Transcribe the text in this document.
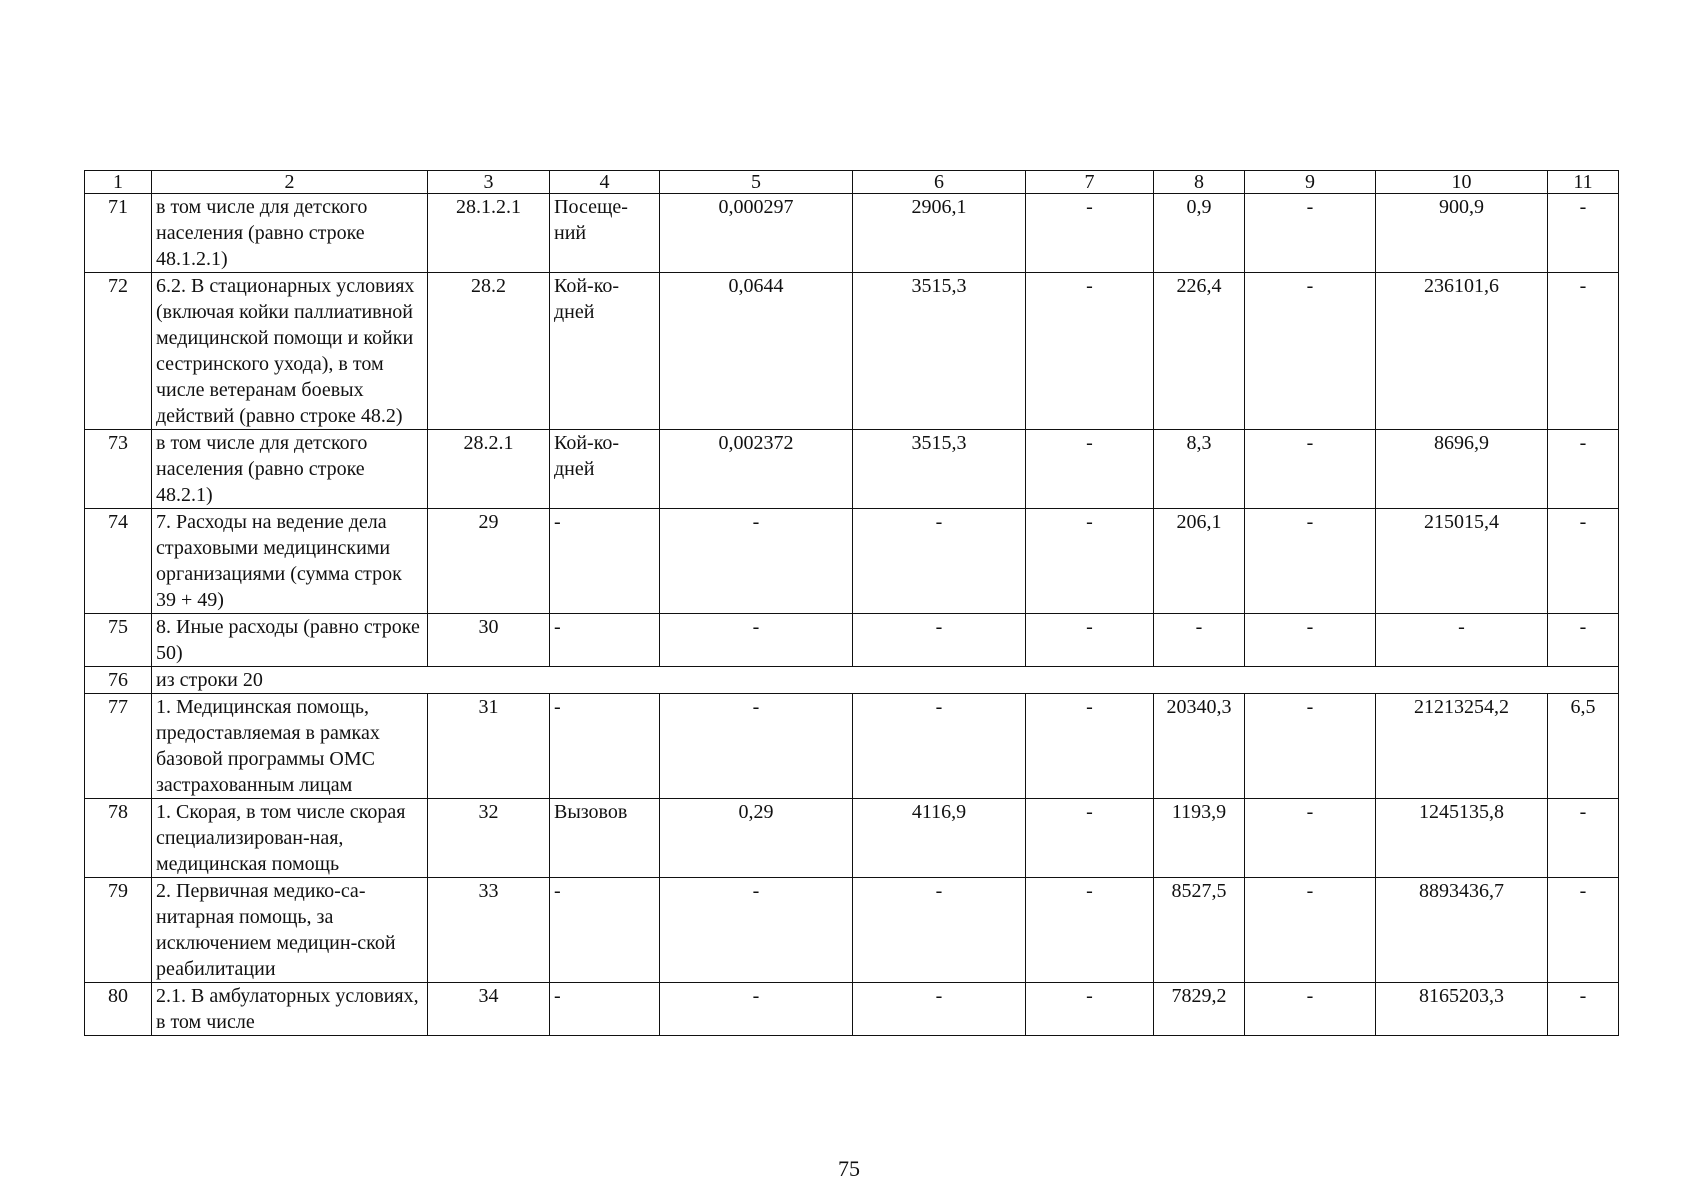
1	2	3	4	5	6	7	8	9	10	11
71	в том числе для детского населения (равно строке 48.1.2.1)	28.1.2.1	Посеще-ний	0,000297	2906,1	-	0,9	-	900,9	-
72	6.2. В стационарных условиях (включая койки паллиативной медицинской помощи и койки сестринского ухода), в том числе ветеранам боевых действий (равно строке 48.2)	28.2	Кой-ко-дней	0,0644	3515,3	-	226,4	-	236101,6	-
73	в том числе для детского населения (равно строке 48.2.1)	28.2.1	Кой-ко-дней	0,002372	3515,3	-	8,3	-	8696,9	-
74	7. Расходы на ведение дела страховыми медицинскими организациями (сумма строк 39 + 49)	29	-	-	-	-	206,1	-	215015,4	-
75	8. Иные расходы (равно строке 50)	30	-	-	-	-	-	-	-	-
76	из строки 20									
77	1. Медицинская помощь, предоставляемая в рамках базовой программы ОМС застрахованным лицам	31	-	-	-	-	20340,3	-	21213254,2	6,5
78	1. Скорая, в том числе скорая специализирован-ная, медицинская помощь	32	Вызовов	0,29	4116,9	-	1193,9	-	1245135,8	-
79	2. Первичная медико-са-нитарная помощь, за исключением медицин-ской реабилитации	33	-	-	-	-	8527,5	-	8893436,7	-
80	2.1. В амбулаторных условиях, в том числе	34	-	-	-	-	7829,2	-	8165203,3	-
75
